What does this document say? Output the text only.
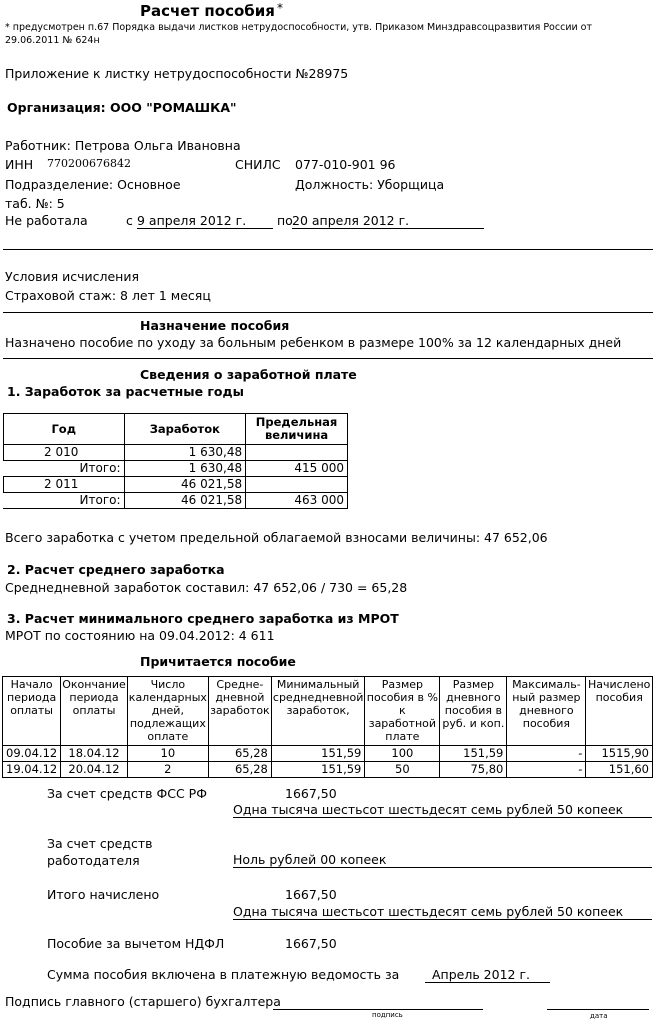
Расчет пособия *
* предусмотрен п.67 Порядка выдачи листков нетрудоспособности, утв. Приказом Минздравсоцразвития России от
29.06.2011 № 624н
Приложение к листку нетрудоспособности №28975
Организация: ООО "РОМАШКА"
Работник: Петрова Ольга Ивановна
ИНН 770200676842	СНИЛС 077-010-901 96
Подразделение: Основное	Должность: Уборщица
таб. №: 5
Не работала	с 9 апреля 2012 г.	по 20 апреля 2012 г.
Условия исчисления
Страховой стаж: 8 лет 1 месяц
Назначение пособия
Назначено пособие по уходу за больным ребенком в размере 100% за 12 календарных дней
Сведения о заработной плате
1. Заработок за расчетные годы
Год	Заработок	Предельная величина
2 010	1 630,48	
Итого:	1 630,48	415 000
2 011	46 021,58	
Итого:	46 021,58	463 000
Всего заработка с учетом предельной облагаемой взносами величины: 47 652,06
2. Расчет среднего заработка
Среднедневной заработок составил: 47 652,06 / 730 = 65,28
3. Расчет минимального среднего заработка из МРОТ
МРОТ по состоянию на 09.04.2012: 4 611
Причитается пособие
Начало периода оплаты	Окончание периода оплаты	Число календарных дней, подлежащих оплате	Средне-дневной заработок	Минимальный среднедневной заработок,	Размер пособия в % к заработной плате	Размер дневного пособия в руб. и коп.	Максималь-ный размер дневного пособия	Начислено пособия

09.04.12	18.04.12	10	65,28	151,59	100	151,59	-	1515,90
19.04.12	20.04.12	2	65,28	151,59	50	75,80	-	151,60
За счет средств ФСС РФ	1667,50
Одна тысяча шестьсот шестьдесят семь рублей 50 копеек
За счет средств
работодателя	Ноль рублей 00 копеек
Итого начислено	1667,50
Одна тысяча шестьсот шестьдесят семь рублей 50 копеек
Пособие за вычетом НДФЛ	1667,50
Сумма пособия включена в платежную ведомость за	Апрель 2012 г.
Подпись главного (старшего) бухгалтера
подпись	дата
